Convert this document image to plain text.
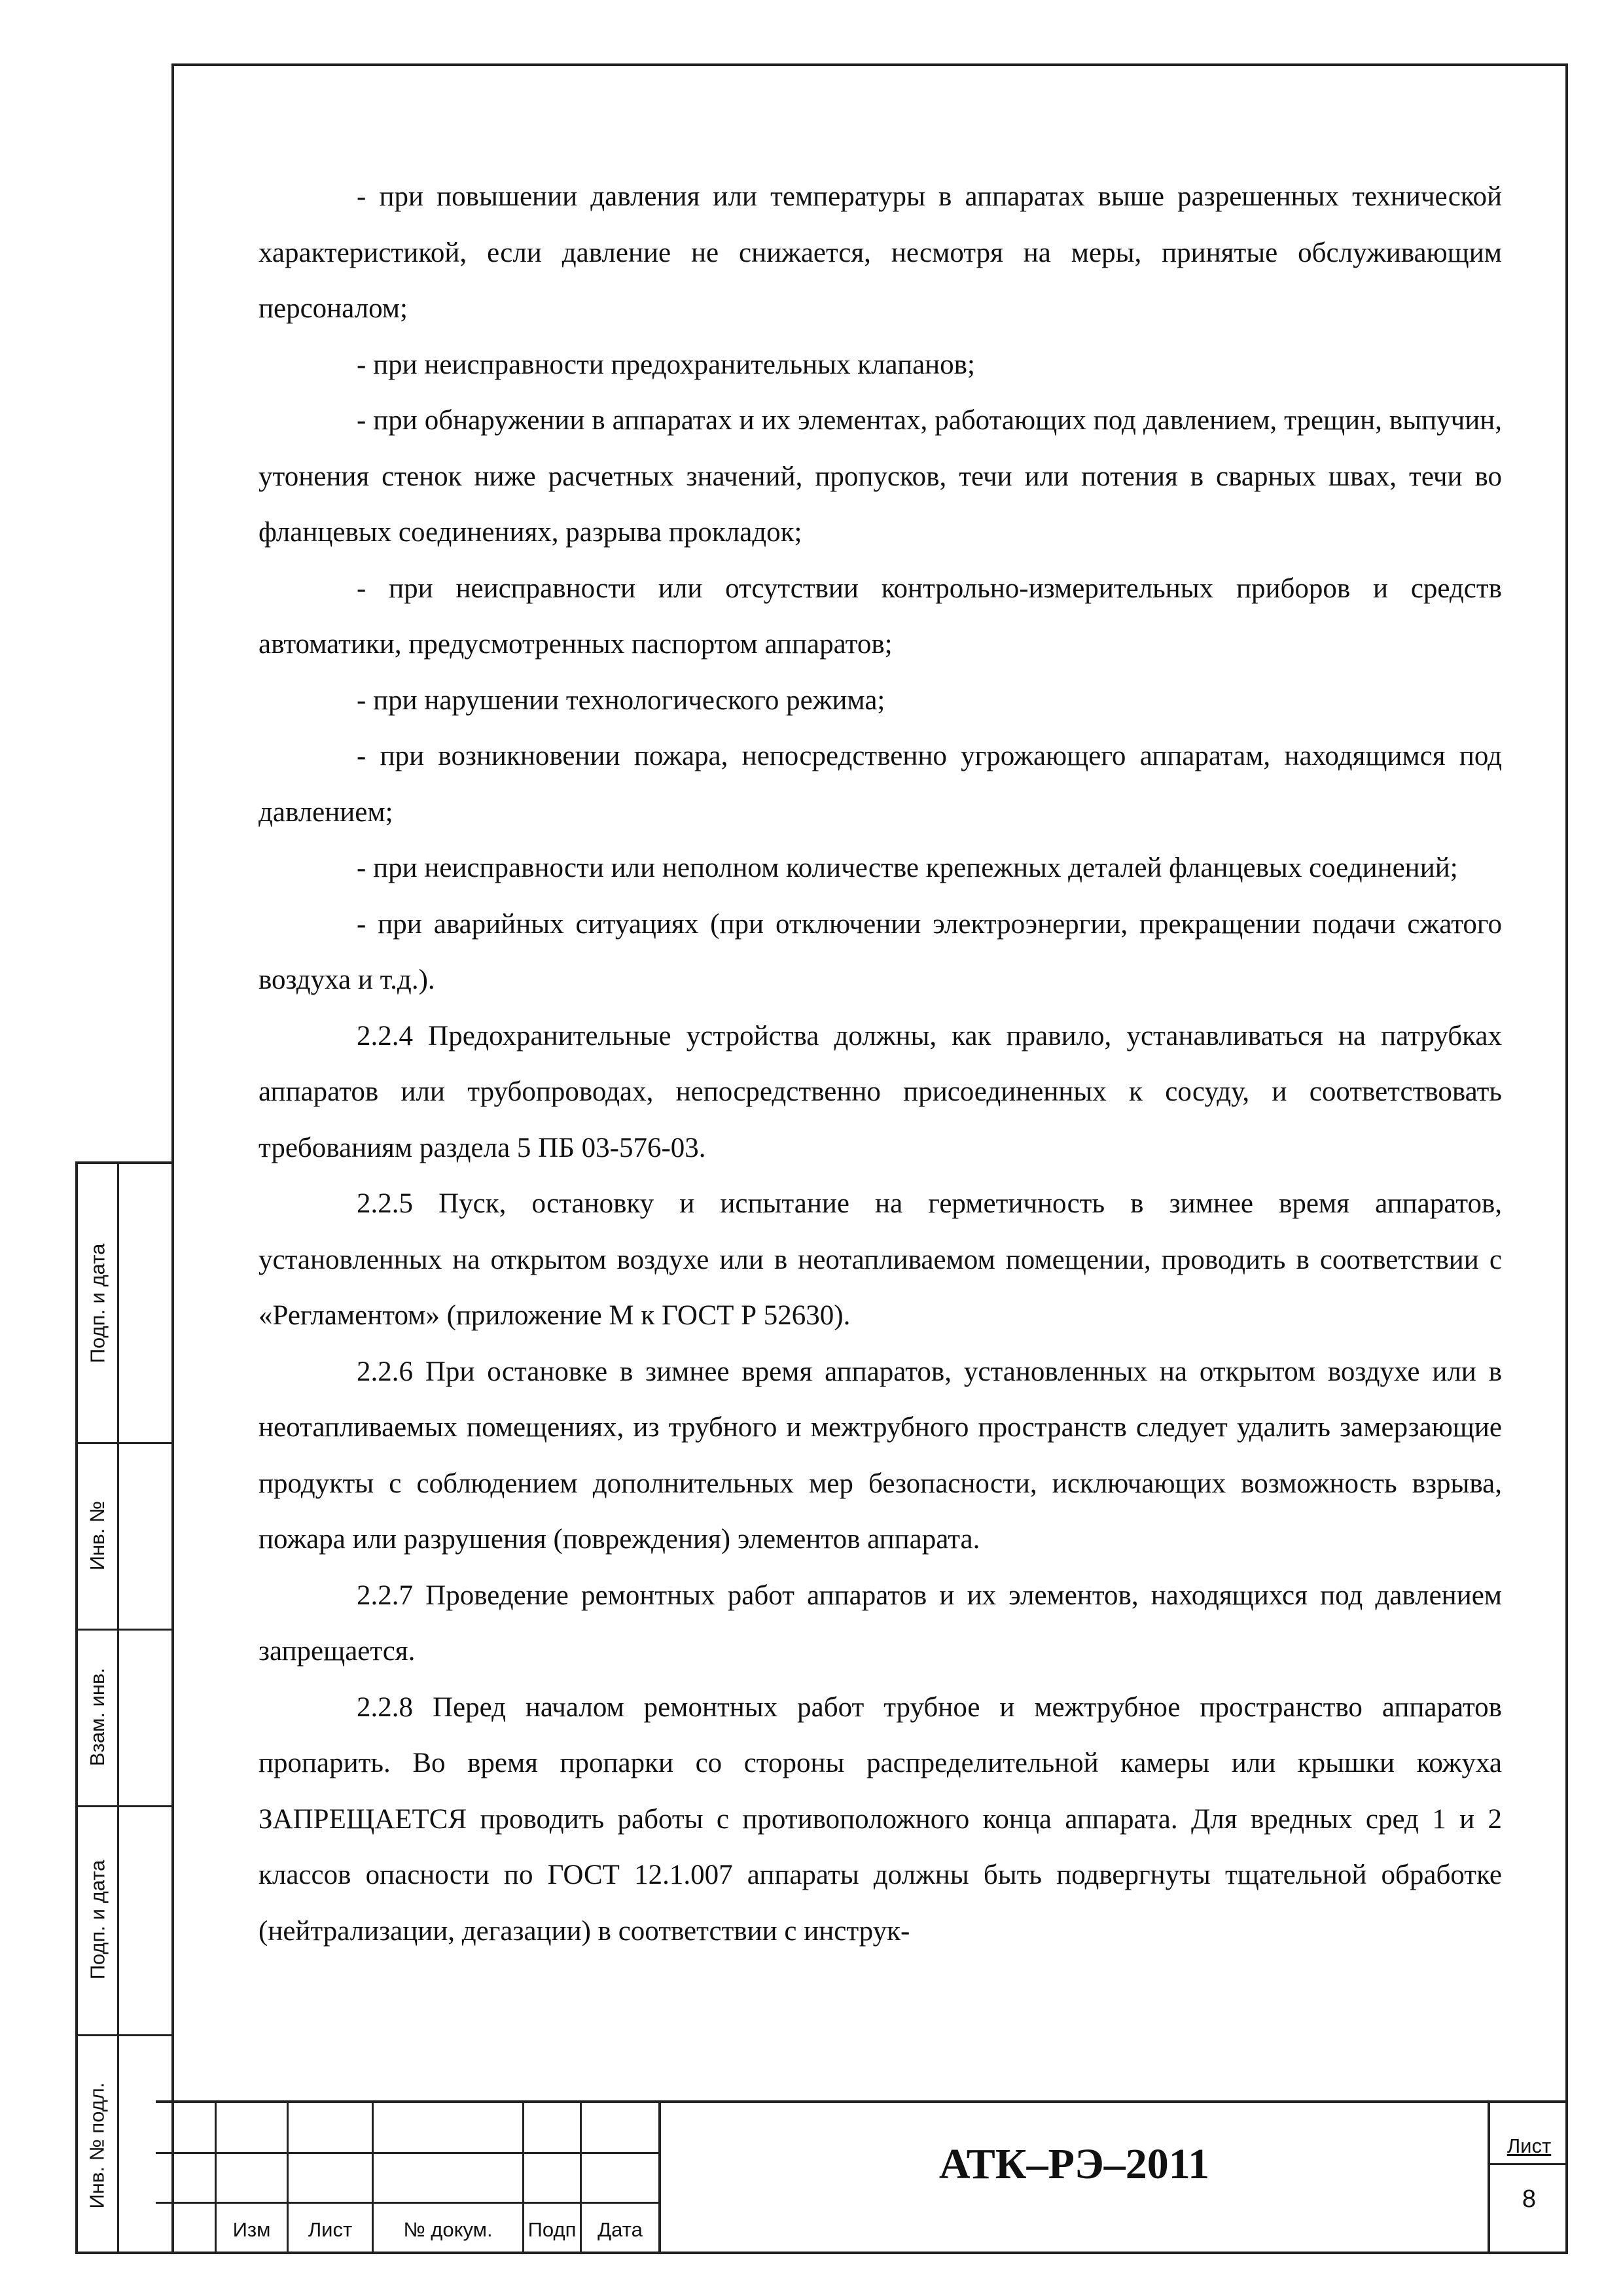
- при повышении давления или температуры в аппаратах выше разрешенных технической характеристикой, если давление не снижается, несмотря на меры, принятые обслуживающим персоналом;

- при неисправности предохранительных клапанов;

- при обнаружении в аппаратах и их элементах, работающих под давлением, трещин, выпучин, утонения стенок ниже расчетных значений, пропусков, течи или потения в сварных швах, течи во фланцевых соединениях, разрыва прокладок;

- при неисправности или отсутствии контрольно-измерительных приборов и средств автоматики, предусмотренных паспортом аппаратов;

- при нарушении технологического режима;

- при возникновении пожара, непосредственно угрожающего аппаратам, находящимся под давлением;

- при неисправности или неполном количестве крепежных деталей фланцевых соединений;

- при аварийных ситуациях (при отключении электроэнергии, прекращении подачи сжатого воздуха и т.д.).

2.2.4 Предохранительные устройства должны, как правило, устанавливаться на патрубках аппаратов или трубопроводах, непосредственно присоединенных к сосуду, и соответствовать требованиям раздела 5 ПБ 03-576-03.

2.2.5 Пуск, остановку и испытание на герметичность в зимнее время аппаратов, установленных на открытом воздухе или в неотапливаемом помещении, проводить в соответствии с «Регламентом» (приложение М к ГОСТ Р 52630).

2.2.6 При остановке в зимнее время аппаратов, установленных на открытом воздухе или в неотапливаемых помещениях, из трубного и межтрубного пространств следует удалить замерзающие продукты с соблюдением дополнительных мер безопасности, исключающих возможность взрыва, пожара или разрушения (повреждения) элементов аппарата.

2.2.7 Проведение ремонтных работ аппаратов и их элементов, находящихся под давлением запрещается.

2.2.8 Перед началом ремонтных работ трубное и межтрубное пространство аппаратов пропарить. Во время пропарки со стороны распределительной камеры или крышки кожуха ЗАПРЕЩАЕТСЯ проводить работы с противоположного конца аппарата. Для вредных сред 1 и 2 классов опасности по ГОСТ 12.1.007 аппараты должны быть подвергнуты тщательной обработке (нейтрализации, дегазации) в соответствии с инструк-

Подп. и дата
Инв. №
Взам. инв.
Подп. и дата
Инв. № подл.
Изм	Лист	№ докум.	Подп	Дата
АТК–РЭ–2011	Лист
8
